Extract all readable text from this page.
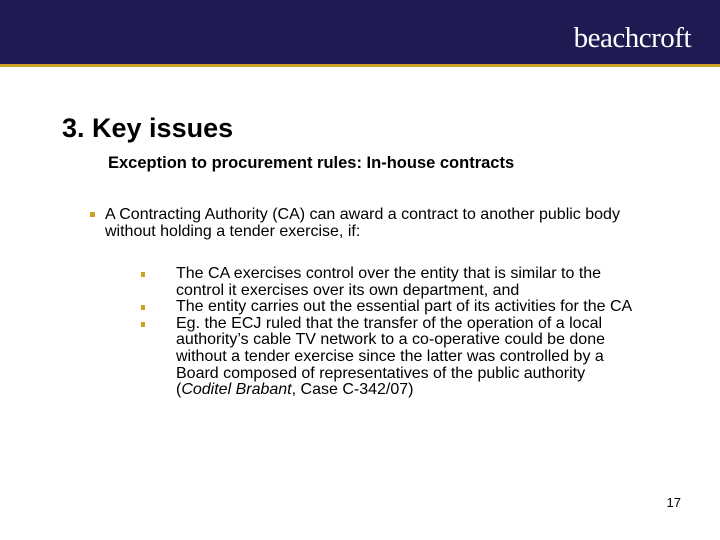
beachcroft
3. Key issues
Exception to procurement rules: In-house contracts
A Contracting Authority (CA) can award a contract to another public body without holding a tender exercise, if:
The CA exercises control over the entity that is similar to the control it exercises over its own department, and
The entity carries out the essential part of its activities for the CA
Eg. the ECJ ruled that the transfer of the operation of a local authority’s cable TV network to a co-operative could be done without a tender exercise since the latter was controlled by a Board composed of representatives of the public authority (Coditel Brabant, Case C-342/07)
17
